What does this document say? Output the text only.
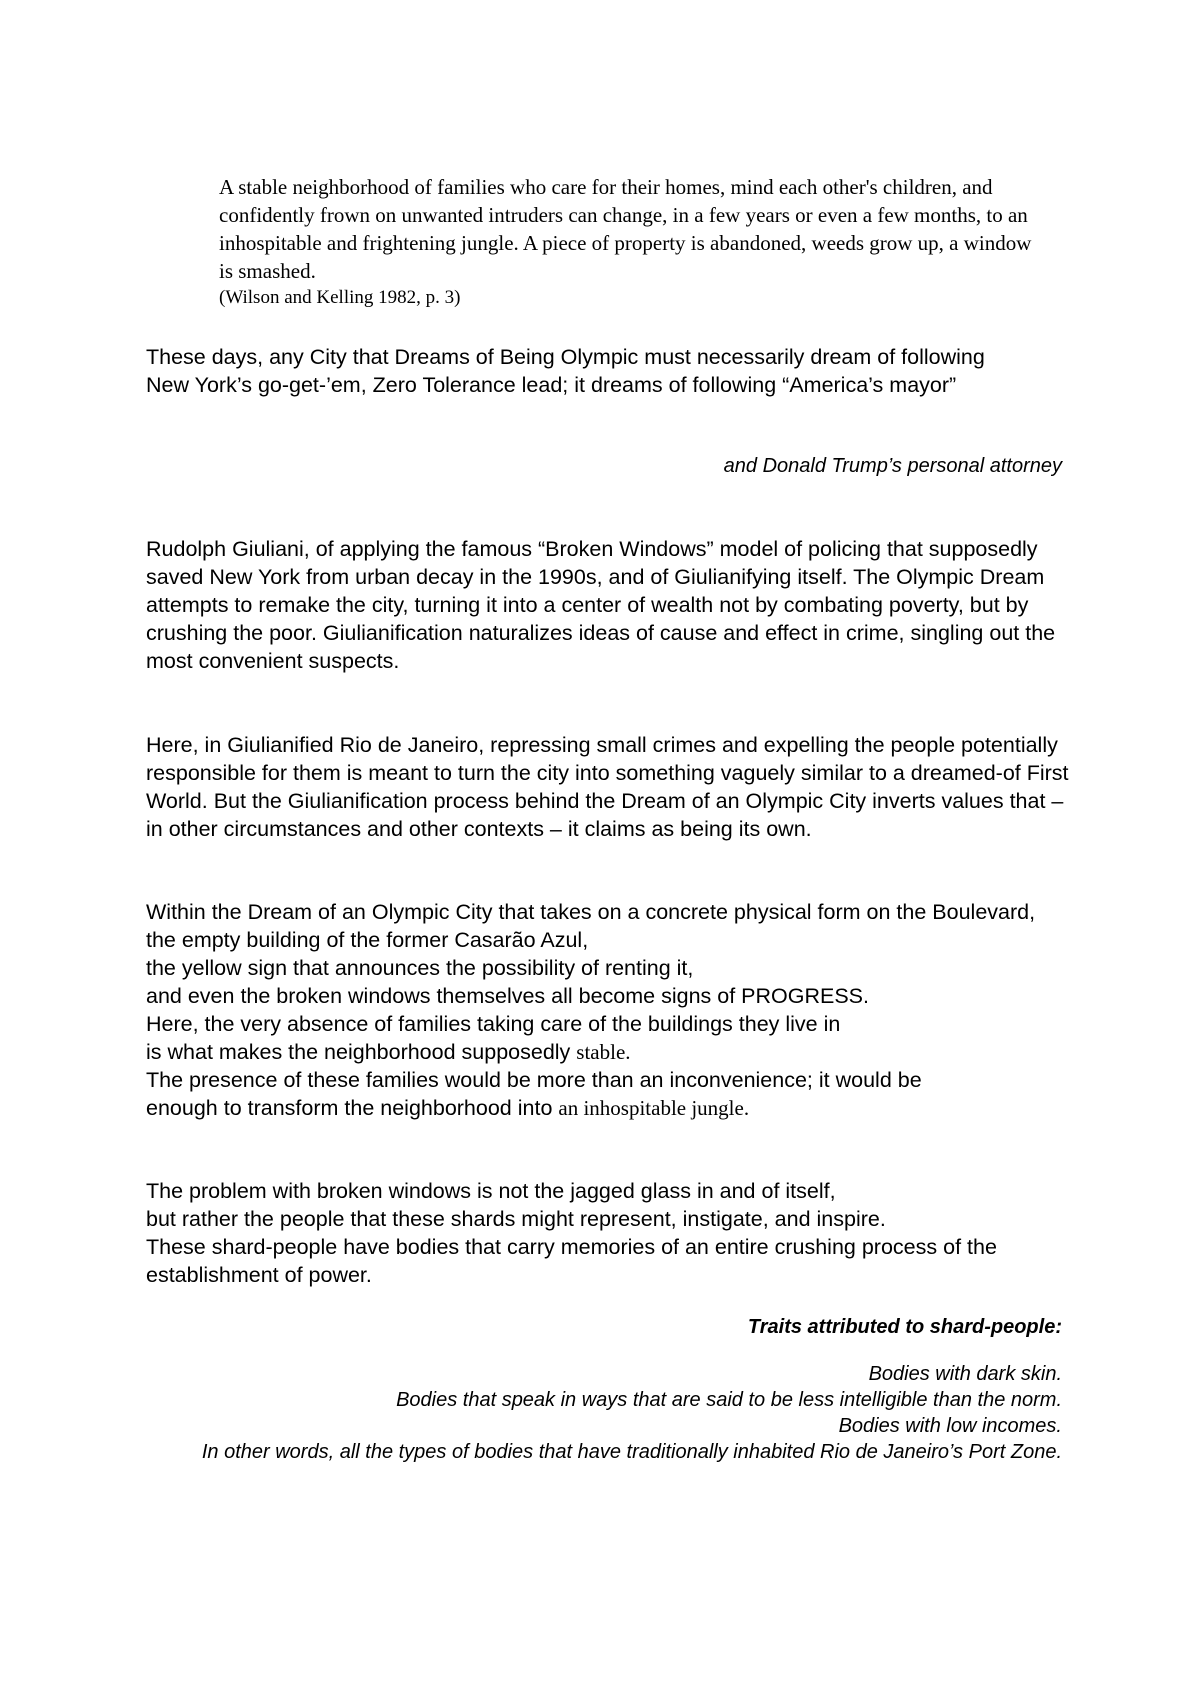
A stable neighborhood of families who care for their homes, mind each other's children, and confidently frown on unwanted intruders can change, in a few years or even a few months, to an inhospitable and frightening jungle. A piece of property is abandoned, weeds grow up, a window is smashed.

(Wilson and Kelling 1982, p. 3)

These days, any City that Dreams of Being Olympic must necessarily dream of following New York’s go-get-’em, Zero Tolerance lead; it dreams of following “America’s mayor”

and Donald Trump’s personal attorney

Rudolph Giuliani, of applying the famous “Broken Windows” model of policing that supposedly saved New York from urban decay in the 1990s, and of Giulianifying itself. The Olympic Dream attempts to remake the city, turning it into a center of wealth not by combating poverty, but by crushing the poor. Giulianification naturalizes ideas of cause and effect in crime, singling out the most convenient suspects.

Here, in Giulianified Rio de Janeiro, repressing small crimes and expelling the people potentially responsible for them is meant to turn the city into something vaguely similar to a dreamed-of First World. But the Giulianification process behind the Dream of an Olympic City inverts values that – in other circumstances and other contexts – it claims as being its own.

Within the Dream of an Olympic City that takes on a concrete physical form on the Boulevard,
the empty building of the former Casarão Azul,
the yellow sign that announces the possibility of renting it,
and even the broken windows themselves all become signs of PROGRESS.
Here, the very absence of families taking care of the buildings they live in
is what makes the neighborhood supposedly stable.
The presence of these families would be more than an inconvenience; it would be
enough to transform the neighborhood into an inhospitable jungle.

The problem with broken windows is not the jagged glass in and of itself,
but rather the people that these shards might represent, instigate, and inspire.
These shard-people have bodies that carry memories of an entire crushing process of the establishment of power.

Traits attributed to shard-people:
Bodies with dark skin.
Bodies that speak in ways that are said to be less intelligible than the norm.
Bodies with low incomes.
In other words, all the types of bodies that have traditionally inhabited Rio de Janeiro’s Port Zone.
